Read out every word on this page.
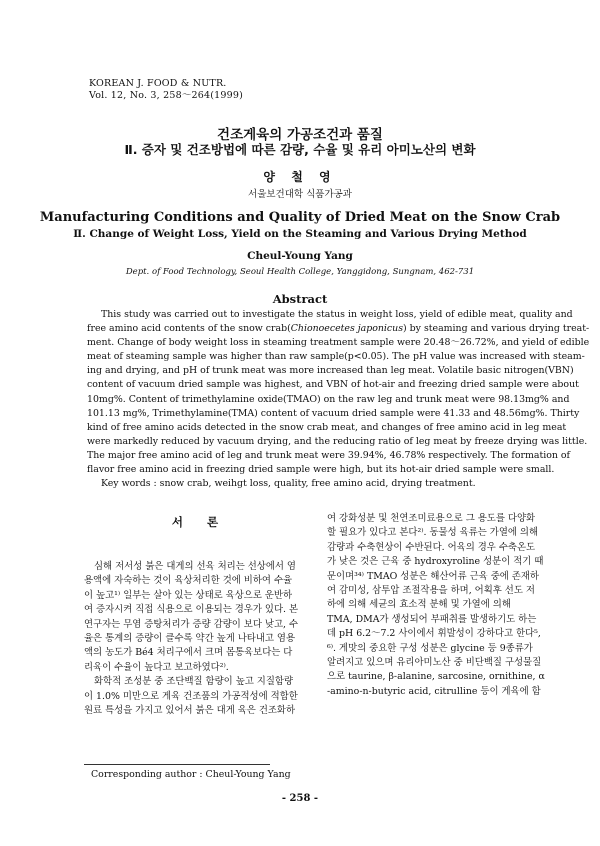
KOREAN J. FOOD & NUTR.
Vol. 12, No. 3, 258～264(1999)
건조게육의 가공조건과 품질
Ⅱ. 증자 및 건조방법에 따른 감량, 수율 및 유리 아미노산의 변화
양 철 영
서울보건대학 식품가공과
Manufacturing Conditions and Quality of Dried Meat on the Snow Crab
Ⅱ. Change of Weight Loss, Yield on the Steaming and Various Drying Method
Cheul-Young Yang
Dept. of Food Technology, Seoul Health College, Yanggidong, Sungnam, 462-731
Abstract
This study was carried out to investigate the status in weight loss, yield of edible meat, quality and
free amino acid contents of the snow crab(Chionoecetes japonicus) by steaming and various drying treat-
ment. Change of body weight loss in steaming treatment sample were 20.48～26.72%, and yield of edible
meat of steaming sample was higher than raw sample(p<0.05). The pH value was increased with steam-
ing and drying, and pH of trunk meat was more increased than leg meat. Volatile basic nitrogen(VBN)
content of vacuum dried sample was highest, and VBN of hot-air and freezing dried sample were about
10mg%. Content of trimethylamine oxide(TMAO) on the raw leg and trunk meat were 98.13mg% and
101.13 mg%, Trimethylamine(TMA) content of vacuum dried sample were 41.33 and 48.56mg%. Thirty
kind of free amino acids detected in the snow crab meat, and changes of free amino acid in leg meat
were markedly reduced by vacuum drying, and the reducing ratio of leg meat by freeze drying was little.
The major free amino acid of leg and trunk meat were 39.94%, 46.78% respectively. The formation of
flavor free amino acid in freezing dried sample were high, but its hot-air dried sample were small.
Key words : snow crab, weihgt loss, quality, free amino acid, drying treatment.
서 론
심해 저서성 붉은 대게의 선육 처리는 선상에서 염
용액에 자숙하는 것이 육상처리한 것에 비하여 수율
이 높고¹⁾ 일부는 살아 있는 상태로 육상으로 운반하
여 증자시켜 직접 식용으로 이용되는 경우가 있다. 본
연구자는 무염 증탕처리가 증량 감량이 보다 낮고, 수
율은 통계의 증량이 클수록 약간 높게 나타내고 염용
액의 농도가 Bé4 처리구에서 크며 몸통육보다는 다
리육이 수율이 높다고 보고하였다²⁾.
화학적 조성분 중 조단백질 함량이 높고 지질함량
이 1.0% 미만으로 게육 건조품의 가공적성에 적합한
원료 특성을 가지고 있어서 붉은 대게 육은 건조화하
여 강화성분 및 천연조미료용으로 그 용도를 다양화
할 필요가 있다고 본다²⁾. 동물성 육류는 가열에 의해
감량과 수축현상이 수반된다. 어육의 경우 수축온도
가 낮은 것은 근육 중 hydroxyroline 성분이 적기 때
문이며³⁴⁾ TMAO 성분은 해산어류 근육 중에 존재하
여 감미성, 삼투압 조절작용을 하며, 어획후 선도 저
하에 의해 세균의 효소적 분해 및 가열에 의해
TMA, DMA가 생성되어 부패취를 발생하기도 하는
데 pH 6.2～7.2 사이에서 휘발성이 강하다고 한다⁵,
⁶⁾. 게맛의 중요한 구성 성분은 glycine 등 9종류가
알려지고 있으며 유리아미노산 중 비단백질 구성물질
으로 taurine, β-alanine, sarcosine, ornithine, α
-amino-n-butyric acid, citrulline 등이 게육에 함
Corresponding author : Cheul-Young Yang
- 258 -
